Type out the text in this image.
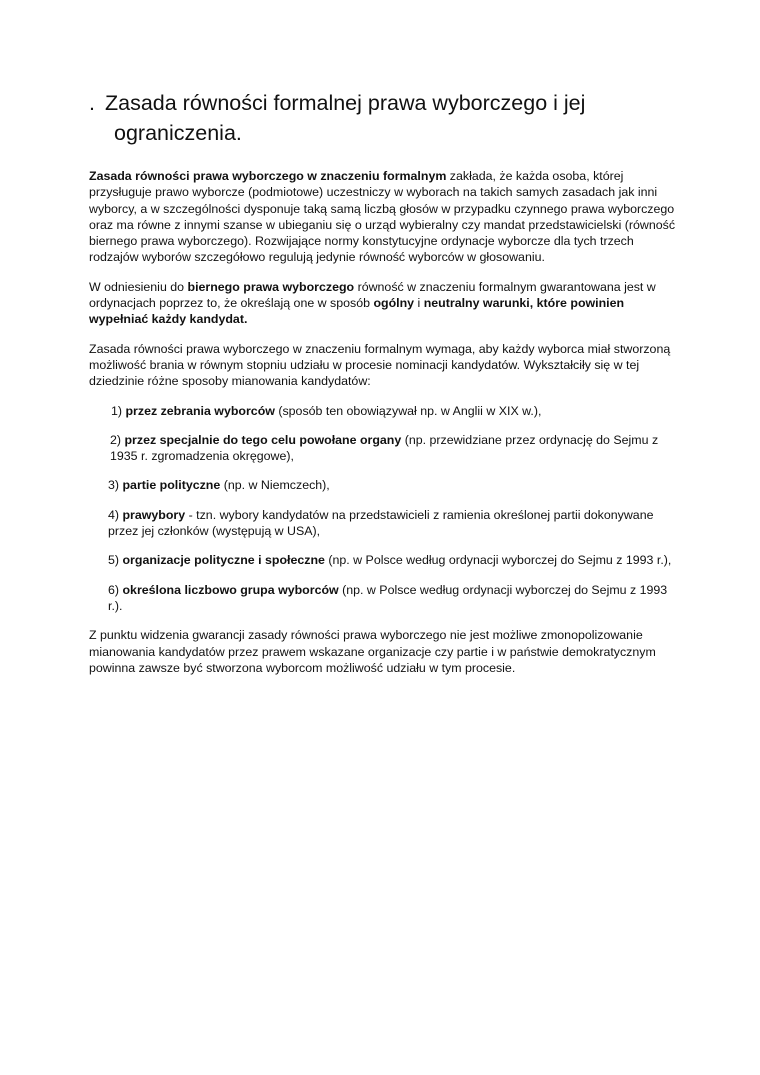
. Zasada równości formalnej prawa wyborczego i jej
ograniczenia.

Zasada równości prawa wyborczego w znaczeniu formalnym zakłada, że każda osoba, której przysługuje prawo wyborcze (podmiotowe) uczestniczy w wyborach na takich samych zasadach jak inni wyborcy, a w szczególności dysponuje taką samą liczbą głosów w przypadku czynnego prawa wyborczego oraz ma równe z innymi szanse w ubieganiu się o urząd wybieralny czy mandat przedstawicielski (równość biernego prawa wyborczego). Rozwijające normy konstytucyjne ordynacje wyborcze dla tych trzech rodzajów wyborów szczegółowo regulują jedynie równość wyborców w głosowaniu.

W odniesieniu do biernego prawa wyborczego równość w znaczeniu formalnym gwarantowana jest w ordynacjach poprzez to, że określają one w sposób ogólny i neutralny warunki, które powinien wypełniać każdy kandydat.

Zasada równości prawa wyborczego w znaczeniu formalnym wymaga, aby każdy wyborca miał stworzoną możliwość brania w równym stopniu udziału w procesie nominacji kandydatów. Wykształciły się w tej dziedzinie różne sposoby mianowania kandydatów:

1) przez zebrania wyborców (sposób ten obowiązywał np. w Anglii w XIX w.),
2) przez specjalnie do tego celu powołane organy (np. przewidziane przez ordynację do Sejmu z 1935 r. zgromadzenia okręgowe),
3) partie polityczne (np. w Niemczech),
4) prawybory - tzn. wybory kandydatów na przedstawicieli z ramienia określonej partii dokonywane przez jej członków (występują w USA),
5) organizacje polityczne i społeczne (np. w Polsce według ordynacji wyborczej do Sejmu z 1993 r.),
6) określona liczbowo grupa wyborców (np. w Polsce według ordynacji wyborczej do Sejmu z 1993 r.).

Z punktu widzenia gwarancji zasady równości prawa wyborczego nie jest możliwe zmonopolizowanie mianowania kandydatów przez prawem wskazane organizacje czy partie i w państwie demokratycznym powinna zawsze być stworzona wyborcom możliwość udziału w tym procesie.
